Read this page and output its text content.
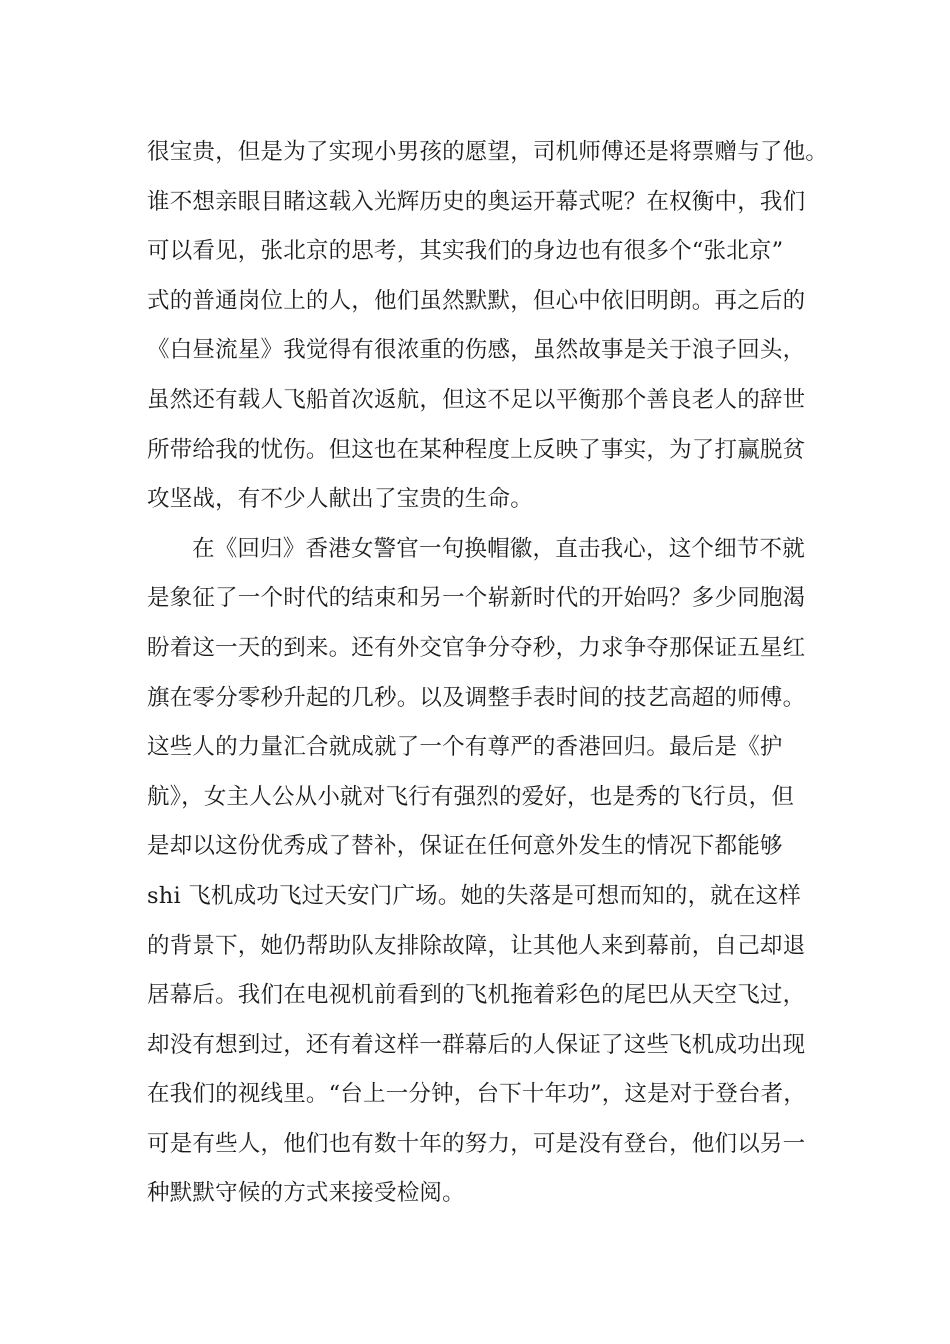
很宝贵，但是为了实现小男孩的愿望，司机师傅还是将票赠与了他。
谁不想亲眼目睹这载入光辉历史的奥运开幕式呢？在权衡中，我们
可以看见，张北京的思考，其实我们的身边也有很多个“张北京”
式的普通岗位上的人，他们虽然默默，但心中依旧明朗。再之后的
《白昼流星》我觉得有很浓重的伤感，虽然故事是关于浪子回头，
虽然还有载人飞船首次返航，但这不足以平衡那个善良老人的辞世
所带给我的忧伤。但这也在某种程度上反映了事实，为了打赢脱贫
攻坚战，有不少人献出了宝贵的生命。
在《回归》香港女警官一句换帽徽，直击我心，这个细节不就
是象征了一个时代的结束和另一个崭新时代的开始吗？多少同胞渴
盼着这一天的到来。还有外交官争分夺秒，力求争夺那保证五星红
旗在零分零秒升起的几秒。以及调整手表时间的技艺高超的师傅。
这些人的力量汇合就成就了一个有尊严的香港回归。最后是《护
航》，女主人公从小就对飞行有强烈的爱好，也是秀的飞行员，但
是却以这份优秀成了替补，保证在任何意外发生的情况下都能够
shi 飞机成功飞过天安门广场。她的失落是可想而知的，就在这样
的背景下，她仍帮助队友排除故障，让其他人来到幕前，自己却退
居幕后。我们在电视机前看到的飞机拖着彩色的尾巴从天空飞过，
却没有想到过，还有着这样一群幕后的人保证了这些飞机成功出现
在我们的视线里。“台上一分钟，台下十年功”，这是对于登台者，
可是有些人，他们也有数十年的努力，可是没有登台，他们以另一
种默默守候的方式来接受检阅。
